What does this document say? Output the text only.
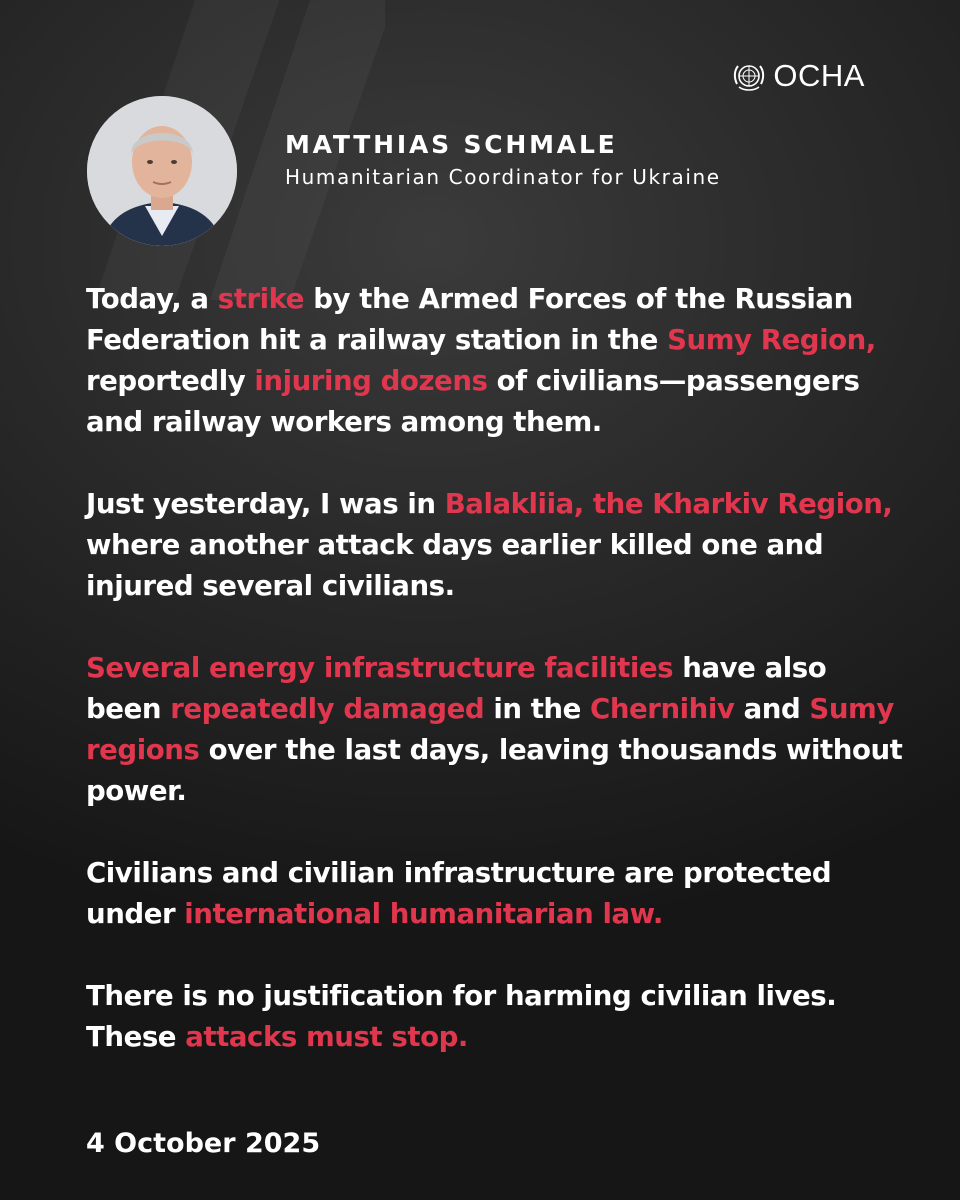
OCHA
MATTHIAS SCHMALE
Humanitarian Coordinator for Ukraine

Today, a strike by the Armed Forces of the Russian Federation hit a railway station in the Sumy Region, reportedly injuring dozens of civilians—passengers and railway workers among them.

Just yesterday, I was in Balakliia, the Kharkiv Region, where another attack days earlier killed one and injured several civilians.

Several energy infrastructure facilities have also been repeatedly damaged in the Chernihiv and Sumy regions over the last days, leaving thousands without power.

Civilians and civilian infrastructure are protected under international humanitarian law.

There is no justification for harming civilian lives. These attacks must stop.

4 October 2025
